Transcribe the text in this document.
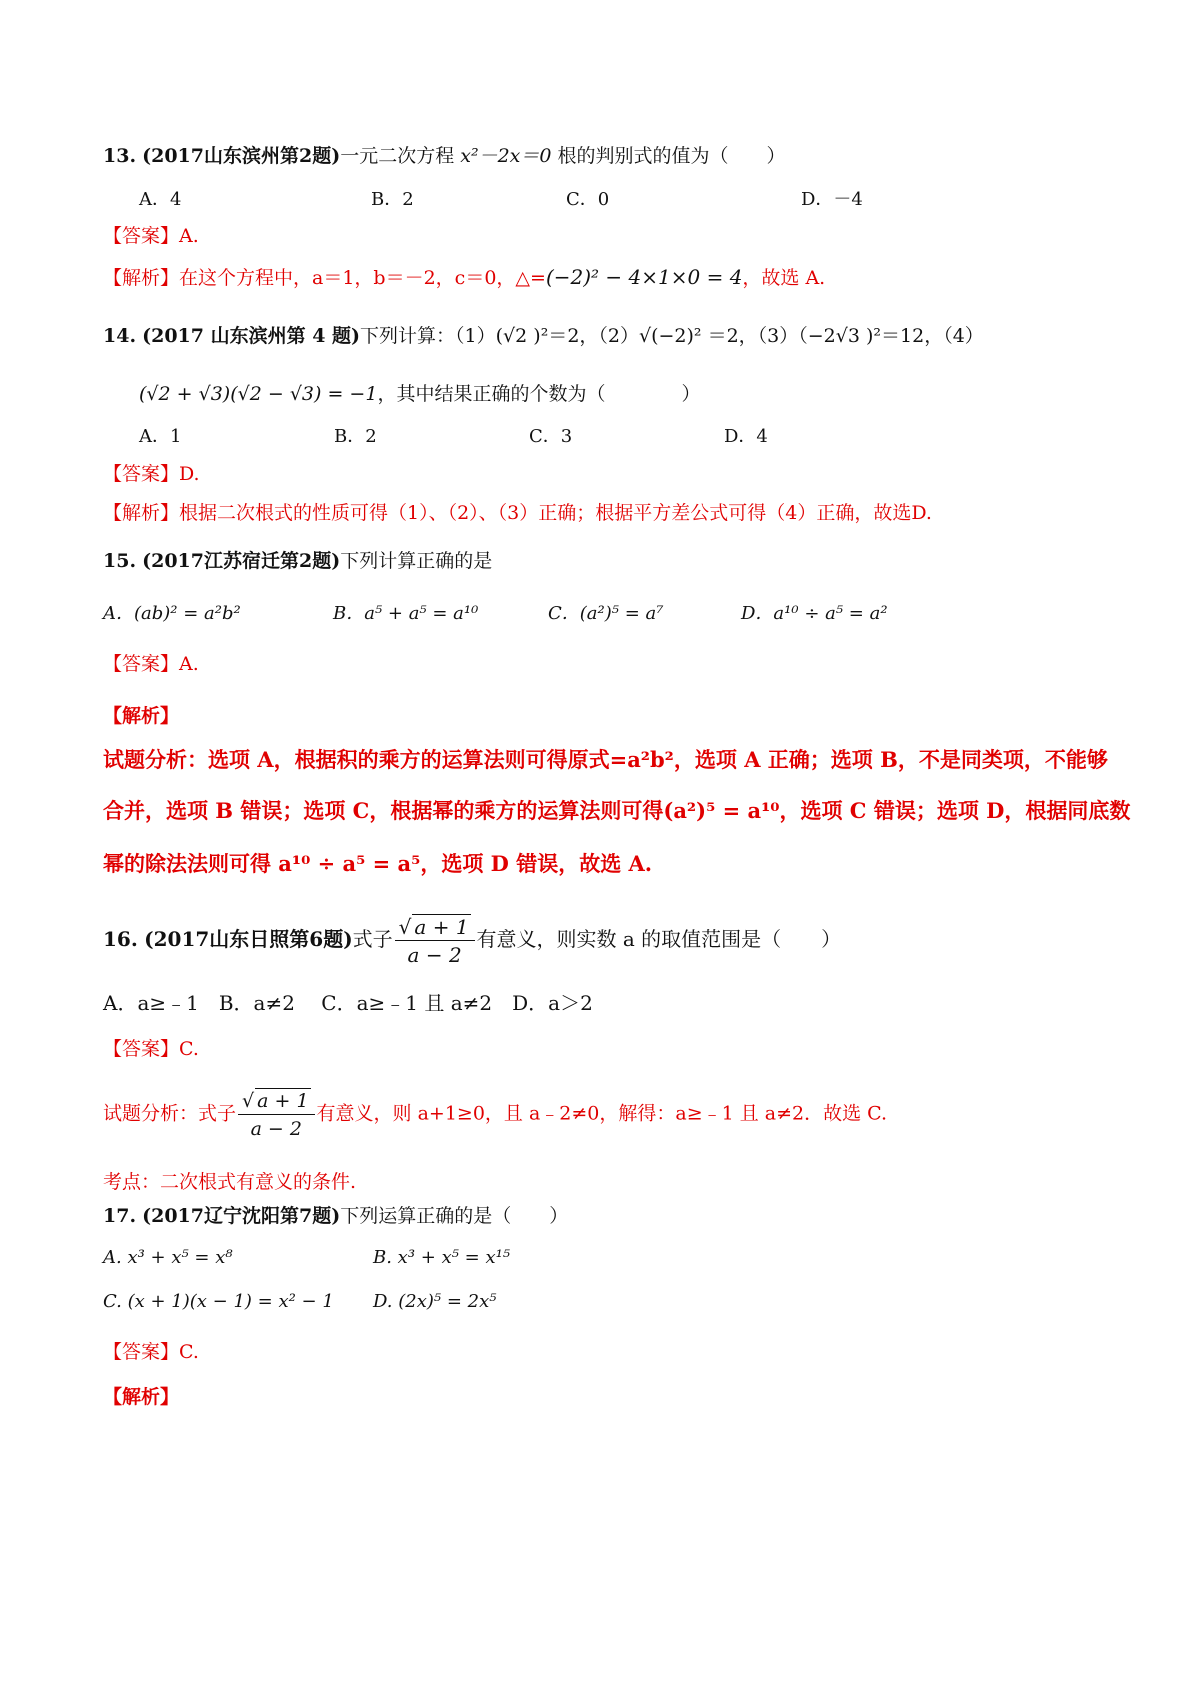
13. (2017山东滨州第2题)一元二次方程 x²－2x＝0 根的判别式的值为（　　）
A．4	B．2	C．0	D．－4
【答案】A.
【解析】在这个方程中，a＝1，b＝－2，c＝0，△=(−2)² − 4×1×0 = 4，故选 A.
14. (2017 山东滨州第 4 题)下列计算：（1）(√2 )²＝2，（2）√(−2)² ＝2，（3）（−2√3 )²＝12，（4）
(√2 + √3)(√2 − √3) = −1，其中结果正确的个数为（　　　　）
A．1	B．2	C．3	D．4
【答案】D.
【解析】根据二次根式的性质可得（1）、（2）、（3）正确；根据平方差公式可得（4）正确，故选D.
15. (2017江苏宿迁第2题)下列计算正确的是
A．(ab)² = a²b²	B．a⁵ + a⁵ = a¹⁰	C．(a²)⁵ = a⁷	D．a¹⁰ ÷ a⁵ = a²
【答案】A.
【解析】
试题分析：选项 A，根据积的乘方的运算法则可得原式=a²b²，选项 A 正确；选项 B，不是同类项，不能够
合并，选项 B 错误；选项 C，根据幂的乘方的运算法则可得(a²)⁵ = a¹⁰，选项 C 错误；选项 D，根据同底数
幂的除法法则可得 a¹⁰ ÷ a⁵ = a⁵，选项 D 错误，故选 A.
16. (2017山东日照第6题)式子 $\frac{√ a + 1}{a - 2}$ 有意义，则实数 a 的取值范围是（　　）
A．a≥﹣1　B．a≠2　 C．a≥﹣1 且 a≠2　D．a＞2
【答案】C.
试题分析：式子 $\frac{√ a + 1}{a - 2}$ 有意义，则 a+1≥0，且 a﹣2≠0，解得：a≥﹣1 且 a≠2．故选 C.
考点：二次根式有意义的条件.
17. (2017辽宁沈阳第7题)下列运算正确的是（　　）
A. x³ + x⁵ = x⁸	B. x³ + x⁵ = x¹⁵
C. (x + 1)(x − 1) = x² − 1 D. (2x)⁵ = 2x⁵
【答案】C.
【解析】
